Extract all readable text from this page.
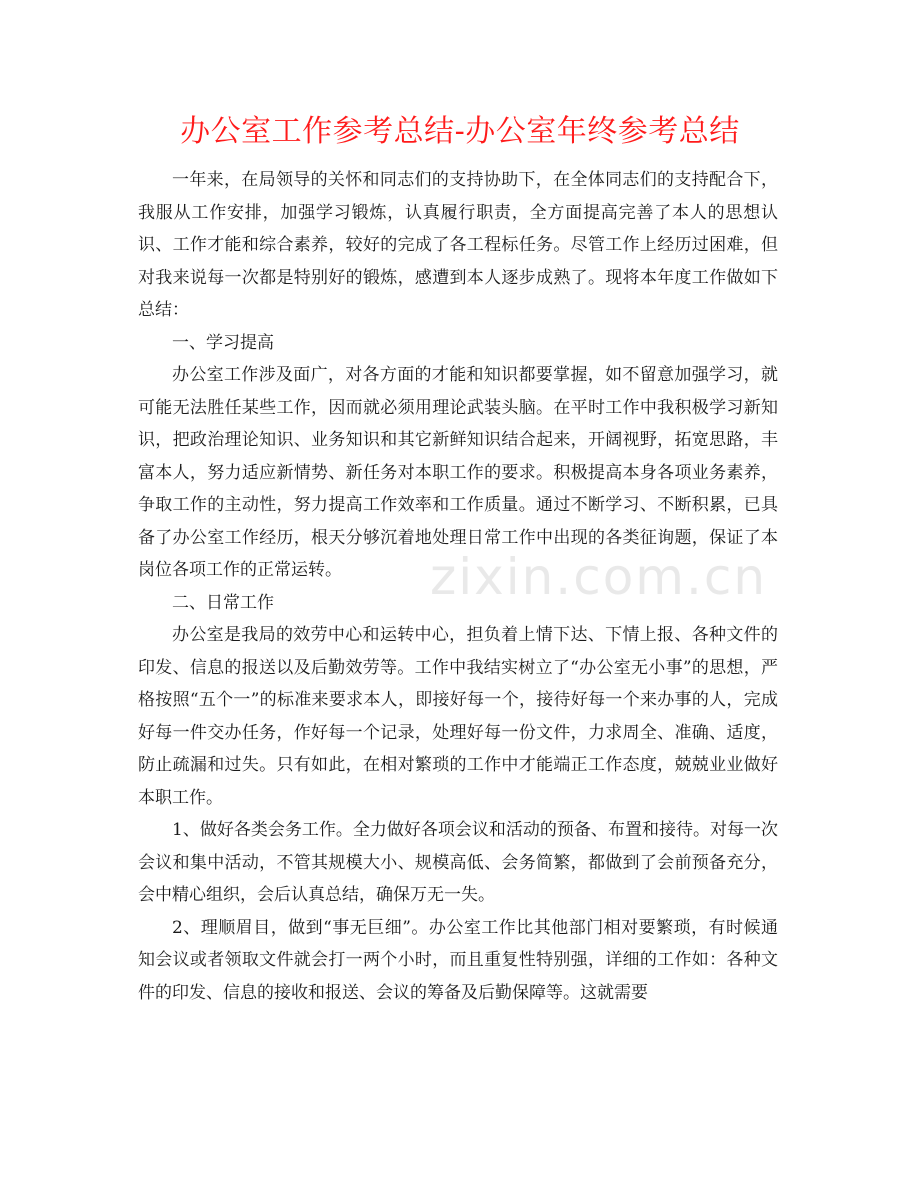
办公室工作参考总结-办公室年终参考总结

一年来，在局领导的关怀和同志们的支持协助下，在全体同志们的支持配合下，我服从工作安排，加强学习锻炼，认真履行职责，全方面提高完善了本人的思想认识、工作才能和综合素养，较好的完成了各工程标任务。尽管工作上经历过困难，但对我来说每一次都是特别好的锻炼，感遭到本人逐步成熟了。现将本年度工作做如下总结：

一、学习提高

办公室工作涉及面广，对各方面的才能和知识都要掌握，如不留意加强学习，就可能无法胜任某些工作，因而就必须用理论武装头脑。在平时工作中我积极学习新知识，把政治理论知识、业务知识和其它新鲜知识结合起来，开阔视野，拓宽思路，丰富本人，努力适应新情势、新任务对本职工作的要求。积极提高本身各项业务素养，争取工作的主动性，努力提高工作效率和工作质量。通过不断学习、不断积累，已具备了办公室工作经历，根天分够沉着地处理日常工作中出现的各类征询题，保证了本岗位各项工作的正常运转。

二、日常工作

办公室是我局的效劳中心和运转中心，担负着上情下达、下情上报、各种文件的印发、信息的报送以及后勤效劳等。工作中我结实树立了“办公室无小事”的思想，严格按照“五个一”的标准来要求本人，即接好每一个，接待好每一个来办事的人，完成好每一件交办任务，作好每一个记录，处理好每一份文件，力求周全、准确、适度，防止疏漏和过失。只有如此，在相对繁琐的工作中才能端正工作态度，兢兢业业做好本职工作。

1、做好各类会务工作。全力做好各项会议和活动的预备、布置和接待。对每一次会议和集中活动，不管其规模大小、规模高低、会务简繁，都做到了会前预备充分，会中精心组织，会后认真总结，确保万无一失。

2、理顺眉目，做到“事无巨细”。办公室工作比其他部门相对要繁琐，有时候通知会议或者领取文件就会打一两个小时，而且重复性特别强，详细的工作如：各种文件的印发、信息的接收和报送、会议的筹备及后勤保障等。这就需要

zixin.com.cn
